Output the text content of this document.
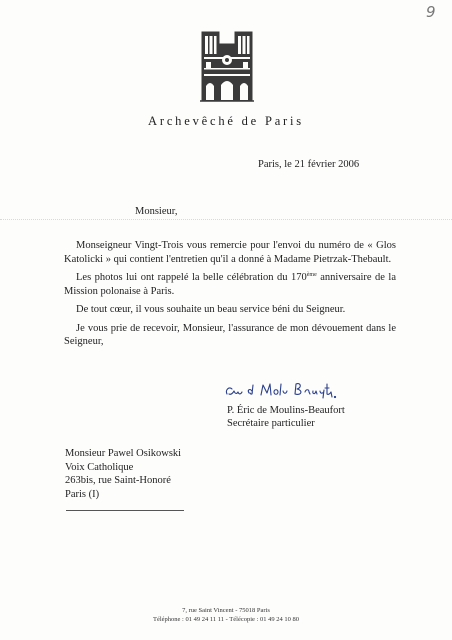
9
Archevêché de Paris
Paris, le 21 février 2006
Monsieur,

Monseigneur Vingt-Trois vous remercie pour l'envoi du numéro de « Glos Katolicki » qui contient l'entretien qu'il a donné à Madame Pietrzak-Thebault.

Les photos lui ont rappelé la belle célébration du 170ème anniversaire de la Mission polonaise à Paris.

De tout cœur, il vous souhaite un beau service béni du Seigneur.

Je vous prie de recevoir, Monsieur, l'assurance de mon dévouement dans le Seigneur,

P. Éric de Moulins-Beaufort
Secrétaire particulier
Monsieur Pawel Osikowski
Voix Catholique
263bis, rue Saint-Honoré
Paris (I)
7, rue Saint Vincent - 75018 Paris
Téléphone : 01 49 24 11 11 - Télécopie : 01 49 24 10 80
